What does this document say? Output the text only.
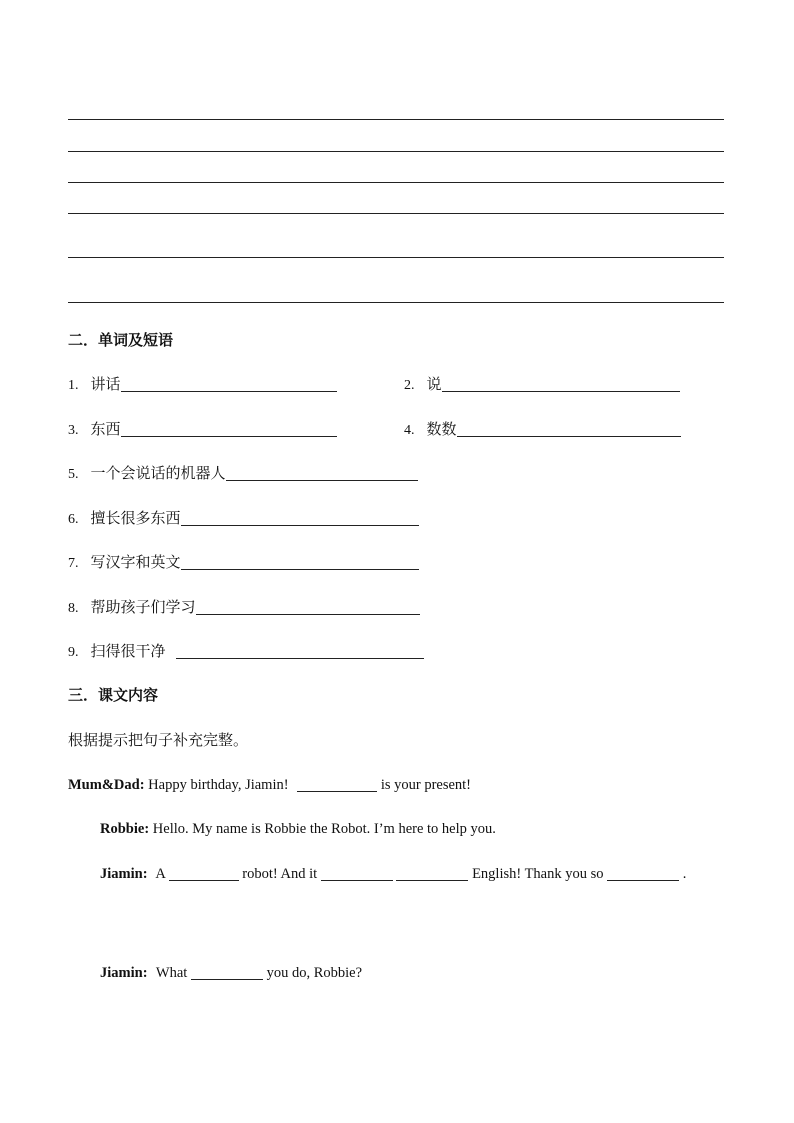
二．单词及短语
1. 讲话	2. 说
3. 东西	4. 数数
5. 一个会说话的机器人
6. 擅长很多东西
7. 写汉字和英文
8. 帮助孩子们学习
9. 扫得很干净
三．课文内容
根据提示把句子补充完整。
Mum&Dad: Happy birthday, Jiamin!	is your present!
Robbie: Hello. My name is Robbie the Robot. I’m here to help you.
Jiamin: A	robot! And it	English! Thank you so	.
Jiamin: What	you do, Robbie?
